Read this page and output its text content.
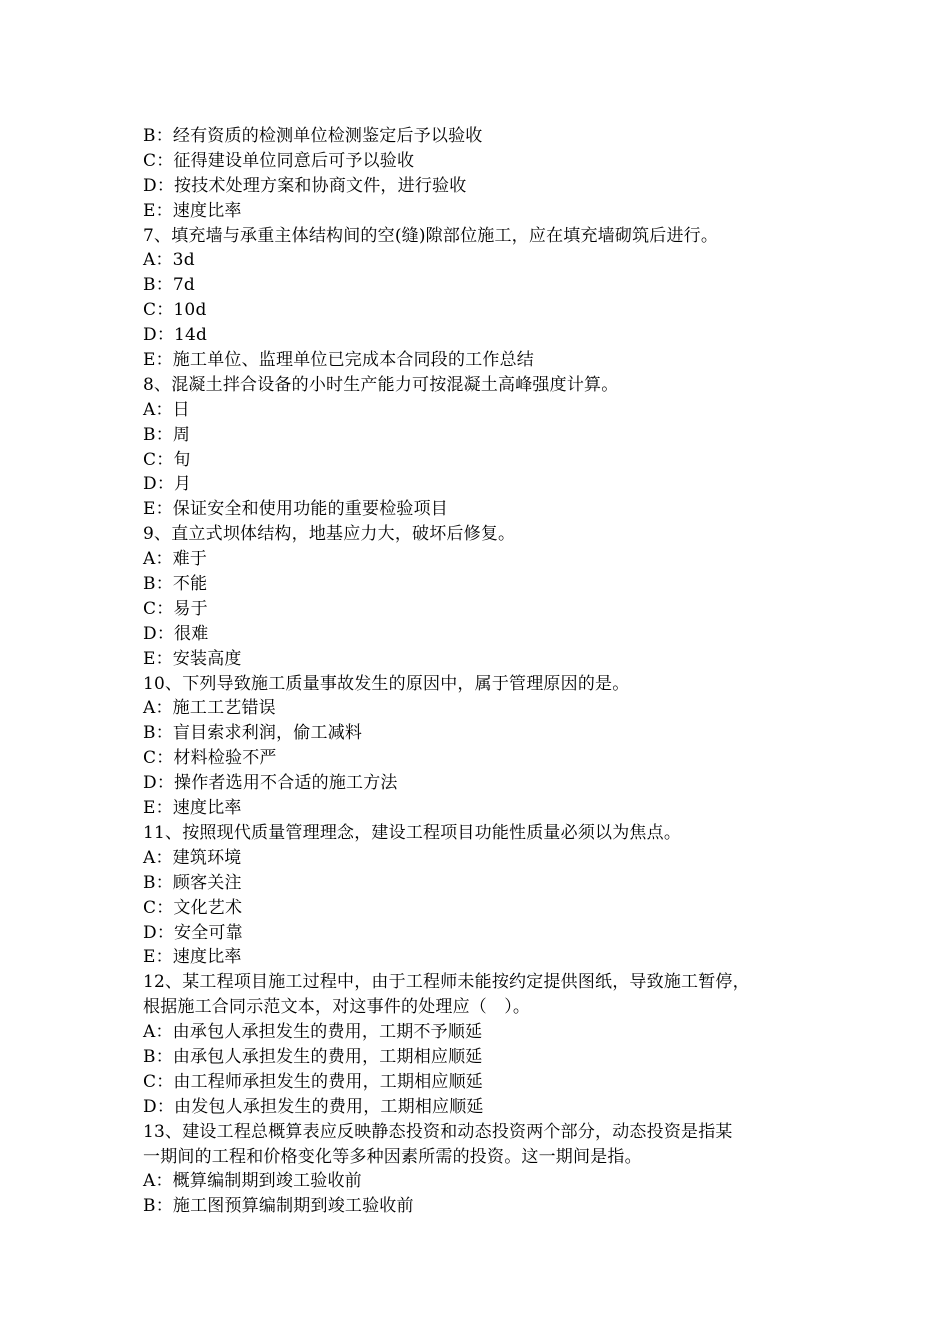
B：经有资质的检测单位检测鉴定后予以验收
C：征得建设单位同意后可予以验收
D：按技术处理方案和协商文件，进行验收
E：速度比率
7、填充墙与承重主体结构间的空(缝)隙部位施工，应在填充墙砌筑后进行。
A：3d
B：7d
C：10d
D：14d
E：施工单位、监理单位已完成本合同段的工作总结
8、混凝土拌合设备的小时生产能力可按混凝土高峰强度计算。
A：日
B：周
C：旬
D：月
E：保证安全和使用功能的重要检验项目
9、直立式坝体结构，地基应力大，破坏后修复。
A：难于
B：不能
C：易于
D：很难
E：安装高度
10、下列导致施工质量事故发生的原因中，属于管理原因的是。
A：施工工艺错误
B：盲目索求利润，偷工减料
C：材料检验不严
D：操作者选用不合适的施工方法
E：速度比率
11、按照现代质量管理理念，建设工程项目功能性质量必须以为焦点。
A：建筑环境
B：顾客关注
C：文化艺术
D：安全可靠
E：速度比率
12、某工程项目施工过程中，由于工程师未能按约定提供图纸，导致施工暂停，
根据施工合同示范文本，对这事件的处理应（　）。
A：由承包人承担发生的费用，工期不予顺延
B：由承包人承担发生的费用，工期相应顺延
C：由工程师承担发生的费用，工期相应顺延
D：由发包人承担发生的费用，工期相应顺延
13、建设工程总概算表应反映静态投资和动态投资两个部分，动态投资是指某
一期间的工程和价格变化等多种因素所需的投资。这一期间是指。
A：概算编制期到竣工验收前
B：施工图预算编制期到竣工验收前
